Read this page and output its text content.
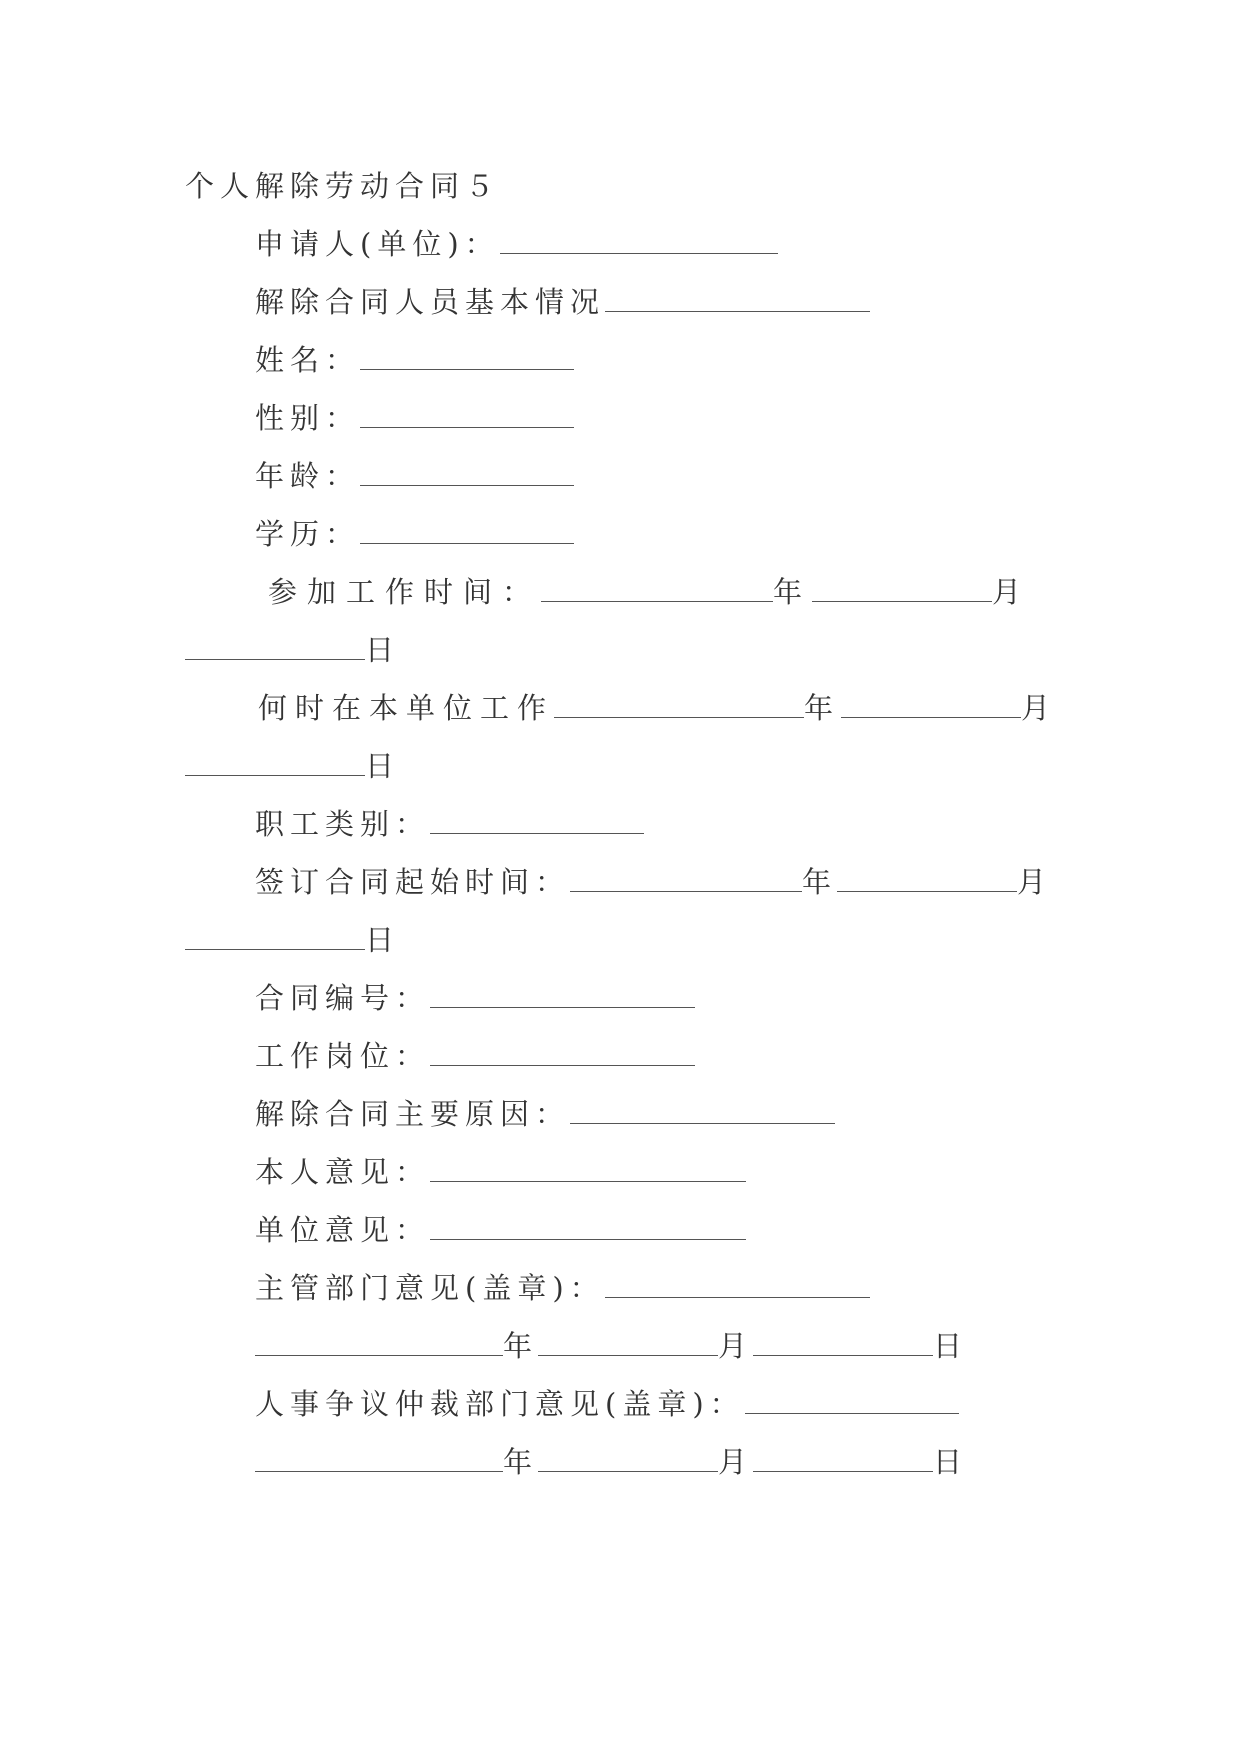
个人解除劳动合同５
申请人(单位)：
解除合同人员基本情况
姓名：
性别：
年龄：
学历：
参加工作时间：	年	月
日
何时在本单位工作	年	月
日
职工类别：
签订合同起始时间：	年	月
日
合同编号：
工作岗位：
解除合同主要原因：
本人意见：
单位意见：
主管部门意见(盖章)：
年	月	日
人事争议仲裁部门意见(盖章)：
年	月	日
